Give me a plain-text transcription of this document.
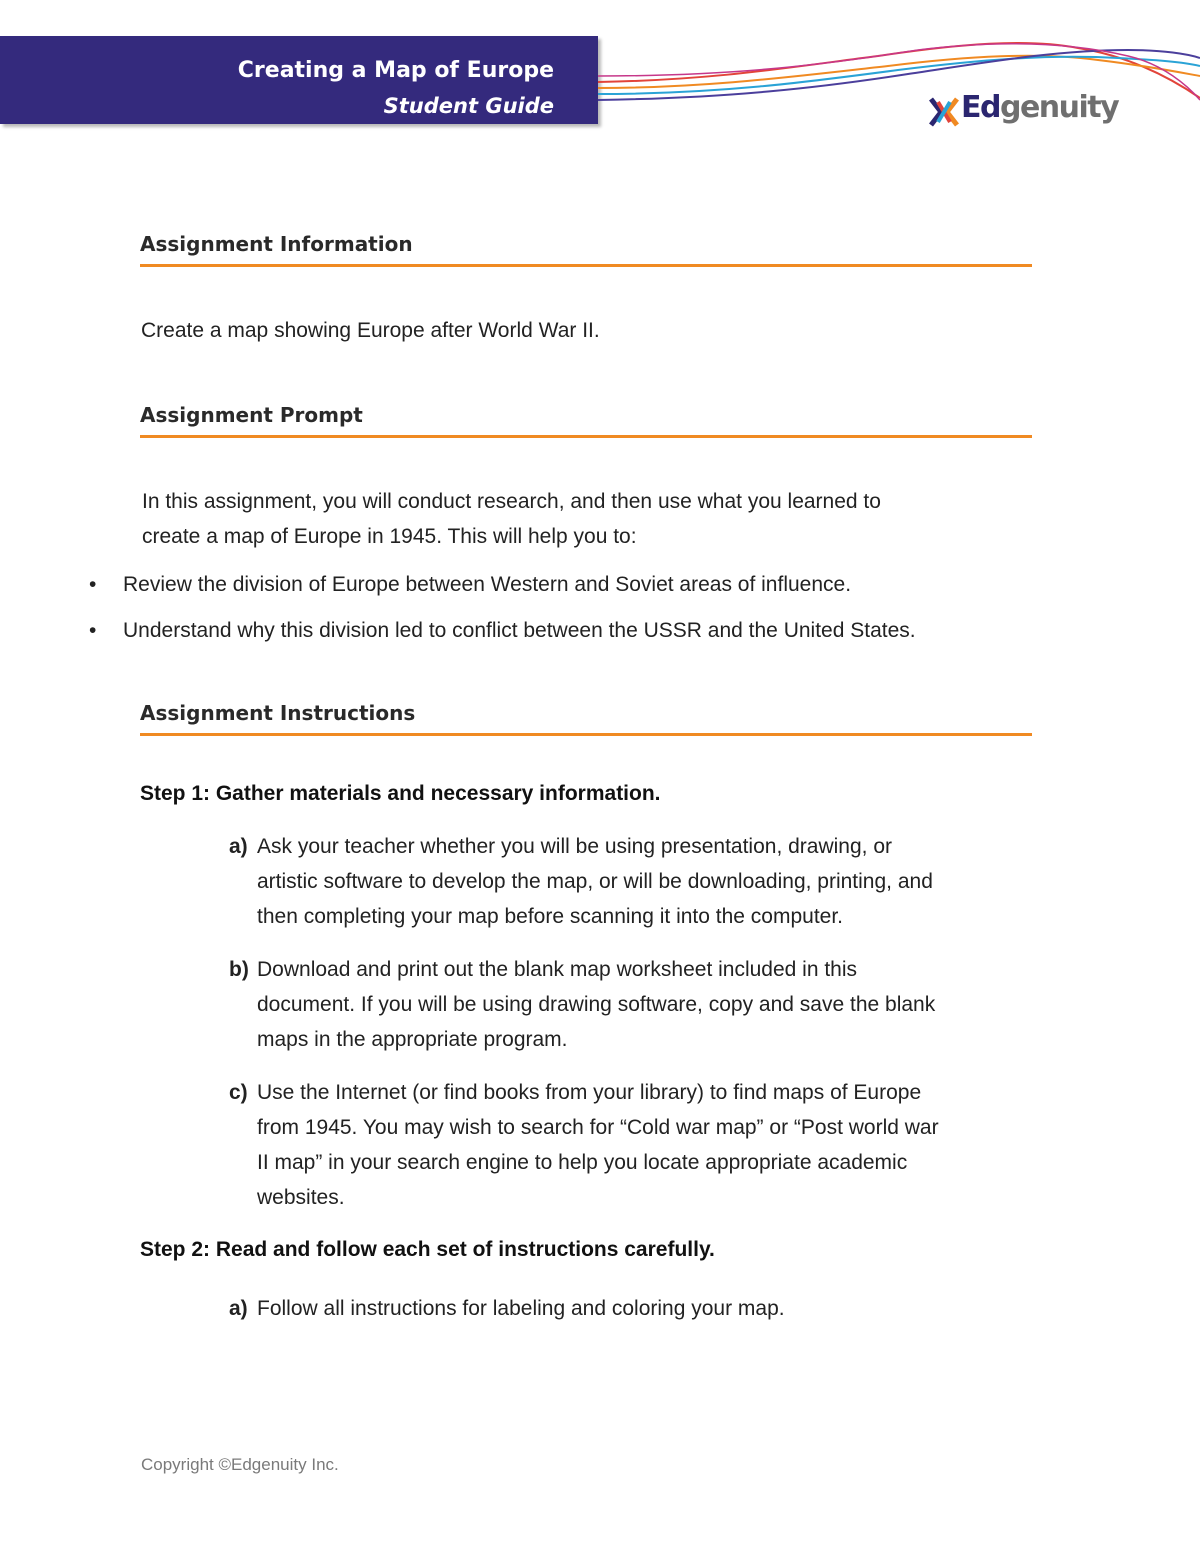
Creating a Map of Europe
Student Guide	Edgenuity
Assignment Information
Create a map showing Europe after World War II.
Assignment Prompt
In this assignment, you will conduct research, and then use what you learned to
create a map of Europe in 1945. This will help you to:
• Review the division of Europe between Western and Soviet areas of influence.
• Understand why this division led to conflict between the USSR and the United States.
Assignment Instructions
Step 1: Gather materials and necessary information.
a) Ask your teacher whether you will be using presentation, drawing, or
artistic software to develop the map, or will be downloading, printing, and
then completing your map before scanning it into the computer.
b) Download and print out the blank map worksheet included in this
document. If you will be using drawing software, copy and save the blank
maps in the appropriate program.
c) Use the Internet (or find books from your library) to find maps of Europe
from 1945. You may wish to search for “Cold war map” or “Post world war
II map” in your search engine to help you locate appropriate academic
websites.
Step 2: Read and follow each set of instructions carefully.
a) Follow all instructions for labeling and coloring your map.
Copyright ©Edgenuity Inc.
